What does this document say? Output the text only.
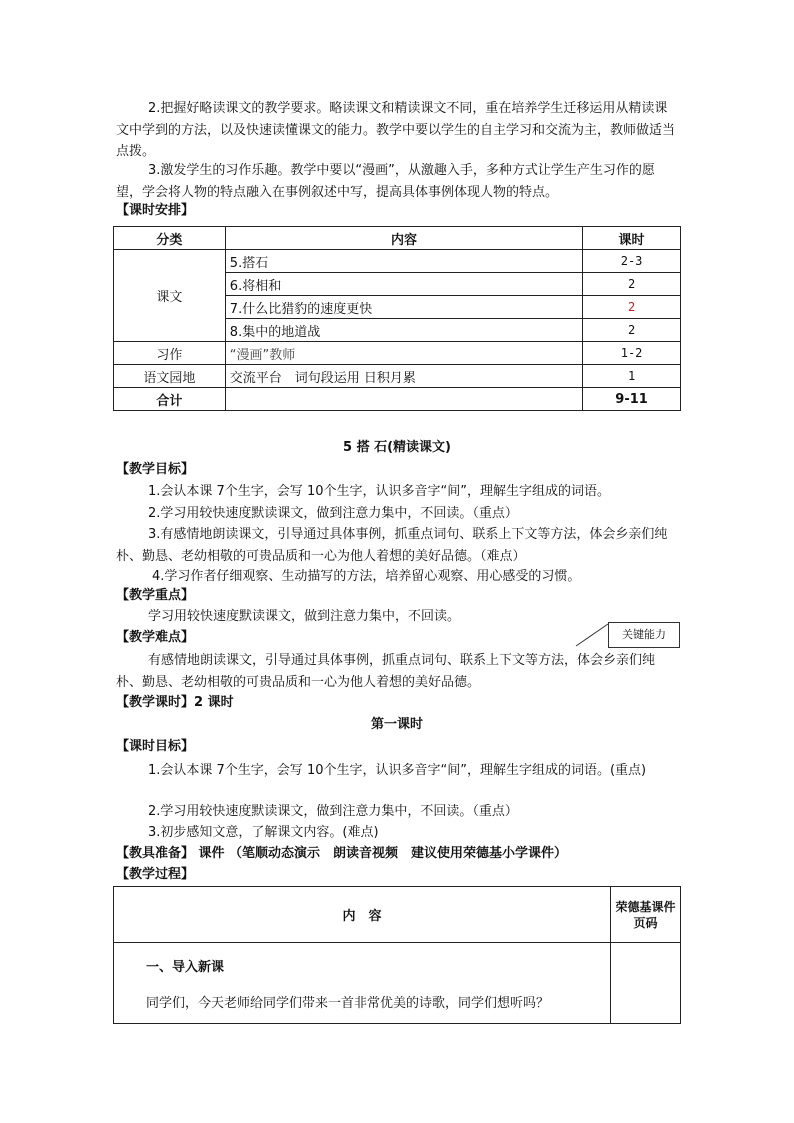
2.把握好略读课文的教学要求。略读课文和精读课文不同，重在培养学生迁移运用从精读课文中学到的方法，以及快速读懂课文的能力。教学中要以学生的自主学习和交流为主，教师做适当点拨。

3.激发学生的习作乐趣。教学中要以“漫画”，从激趣入手，多种方式让学生产生习作的愿望，学会将人物的特点融入在事例叙述中写，提高具体事例体现人物的特点。

【课时安排】

分类	内容	课时
课文	5.搭石	2-3
	6.将相和	2
	7.什么比猎豹的速度更快	2
	8.集中的地道战	2
习作	“漫画”教师	1-2
语文园地	交流平台　词句段运用 日积月累	1
合计		9-11

5 搭 石(精读课文)

【教学目标】

1.会认本课 7个生字，会写 10个生字，认识多音字“间”，理解生字组成的词语。

2.学习用较快速度默读课文，做到注意力集中，不回读。（重点）

3.有感情地朗读课文，引导通过具体事例，抓重点词句、联系上下文等方法，体会乡亲们纯朴、勤恳、老幼相敬的可贵品质和一心为他人着想的美好品德。（难点）

4.学习作者仔细观察、生动描写的方法，培养留心观察、用心感受的习惯。

【教学重点】

学习用较快速度默读课文，做到注意力集中，不回读。

关键能力

【教学难点】

有感情地朗读课文，引导通过具体事例，抓重点词句、联系上下文等方法，体会乡亲们纯朴、勤恳、老幼相敬的可贵品质和一心为他人着想的美好品德。

【教学课时】2 课时

第一课时

【课时目标】

1.会认本课 7个生字，会写 10个生字，认识多音字“间”，理解生字组成的词语。(重点)

2.学习用较快速度默读课文，做到注意力集中，不回读。（重点）

3.初步感知文意，了解课文内容。(难点)

【教具准备】 课件 （笔顺动态演示　朗读音视频　建议使用荣德基小学课件）

【教学过程】

内　容	荣德基课件页码

一、导入新课
同学们，今天老师给同学们带来一首非常优美的诗歌，同学们想听吗？	
